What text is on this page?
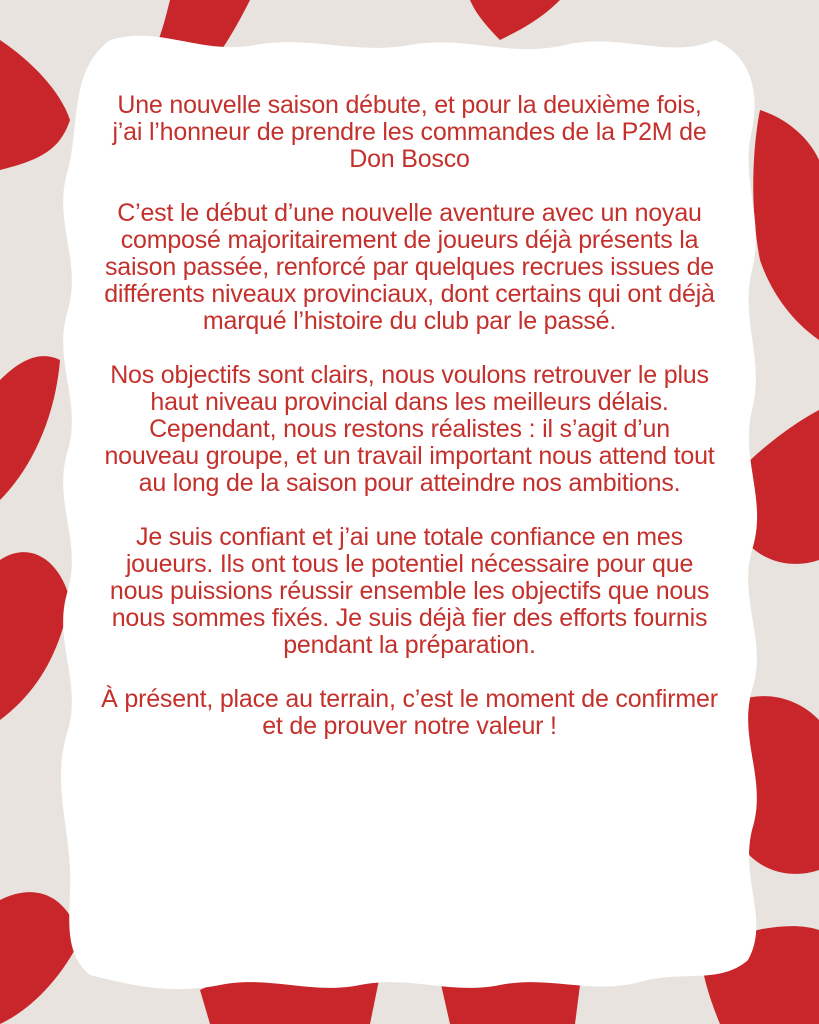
Une nouvelle saison débute, et pour la deuxième fois, j’ai l’honneur de prendre les commandes de la P2M de Don Bosco

C’est le début d’une nouvelle aventure avec un noyau composé majoritairement de joueurs déjà présents la saison passée, renforcé par quelques recrues issues de différents niveaux provinciaux, dont certains qui ont déjà marqué l’histoire du club par le passé.

Nos objectifs sont clairs, nous voulons retrouver le plus haut niveau provincial dans les meilleurs délais. Cependant, nous restons réalistes : il s’agit d’un nouveau groupe, et un travail important nous attend tout au long de la saison pour atteindre nos ambitions.

Je suis confiant et j’ai une totale confiance en mes joueurs. Ils ont tous le potentiel nécessaire pour que nous puissions réussir ensemble les objectifs que nous nous sommes fixés. Je suis déjà fier des efforts fournis pendant la préparation.

À présent, place au terrain, c’est le moment de confirmer et de prouver notre valeur !
